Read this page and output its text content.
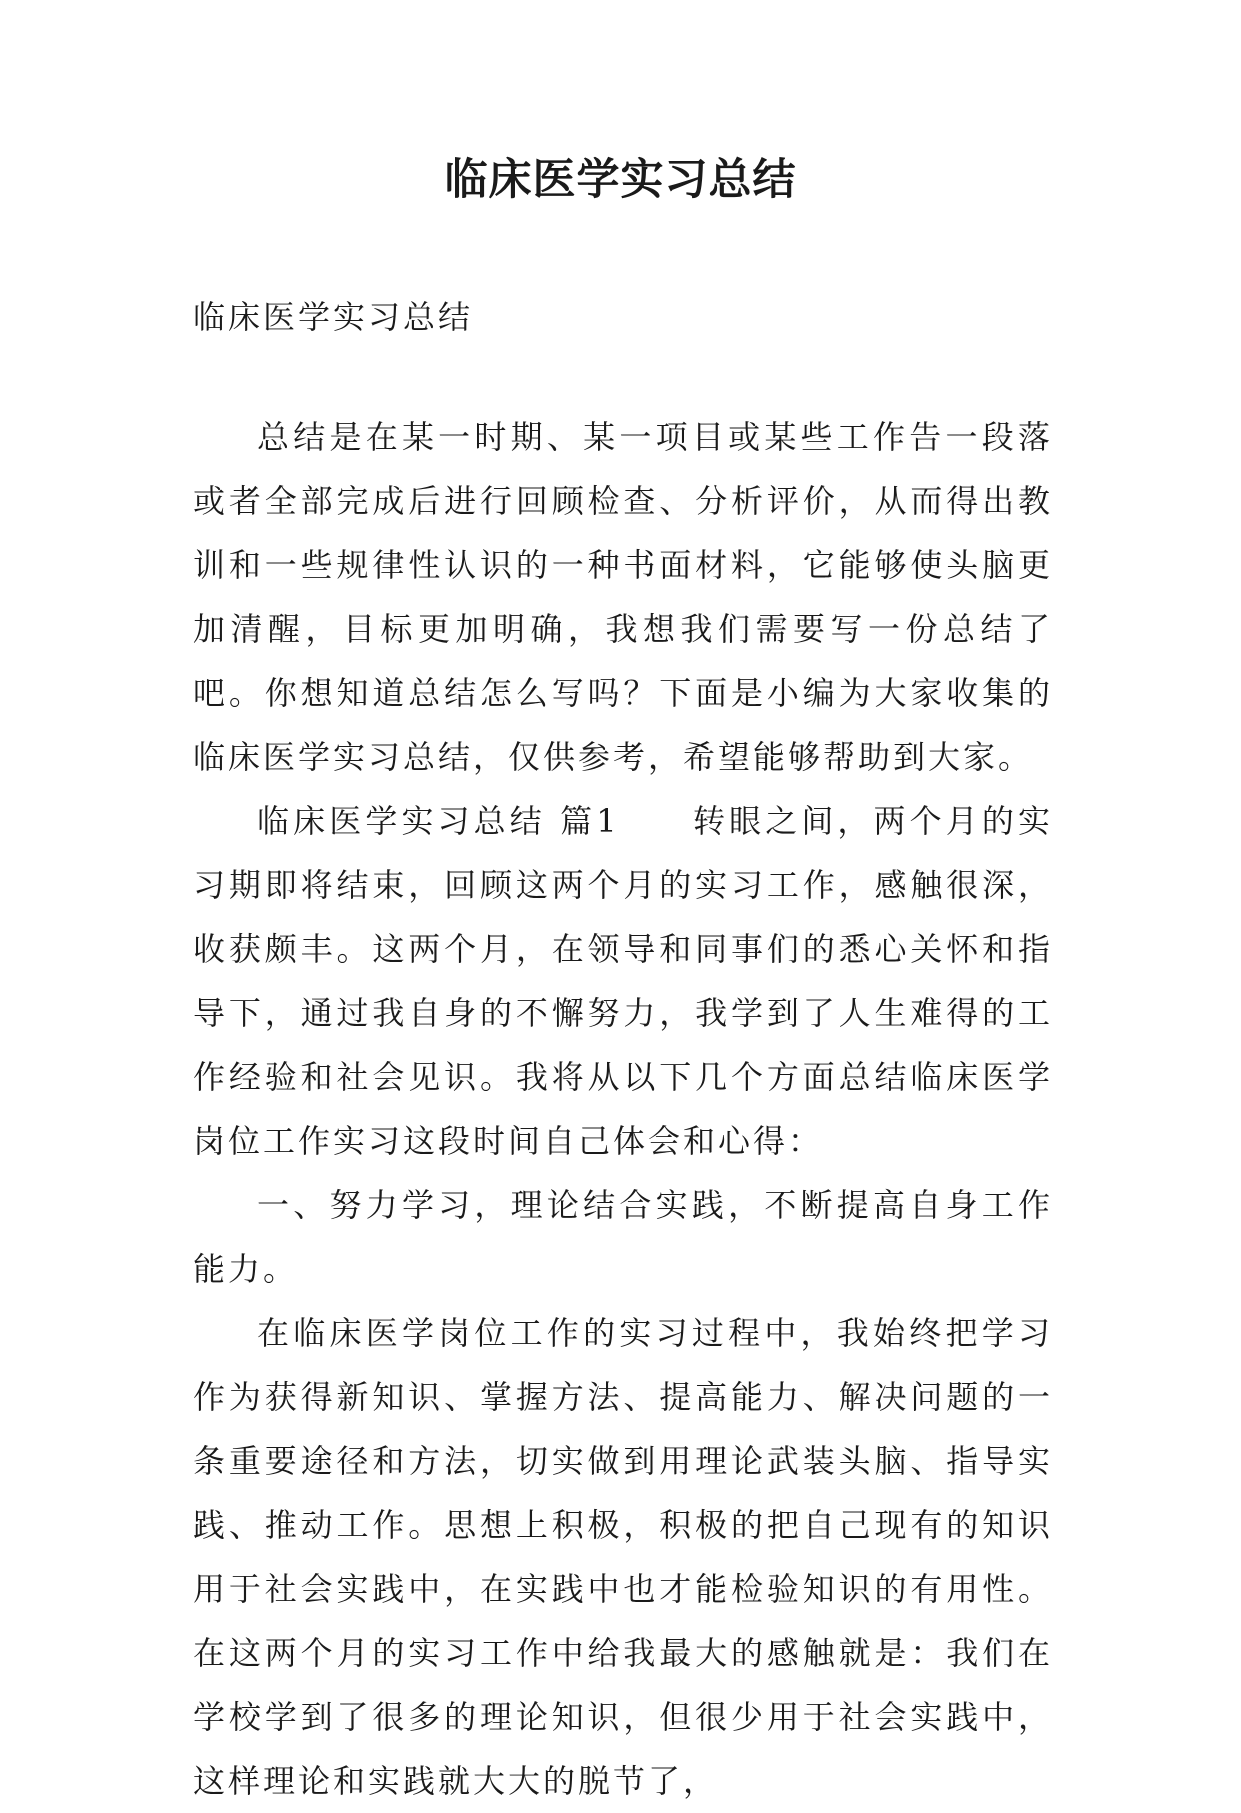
临床医学实习总结
临床医学实习总结

总结是在某一时期、某一项目或某些工作告一段落或者全部完成后进行回顾检查、分析评价，从而得出教训和一些规律性认识的一种书面材料，它能够使头脑更加清醒，目标更加明确，我想我们需要写一份总结了吧。你想知道总结怎么写吗？下面是小编为大家收集的临床医学实习总结，仅供参考，希望能够帮助到大家。

临床医学实习总结 篇1　　转眼之间，两个月的实习期即将结束，回顾这两个月的实习工作，感触很深，收获颇丰。这两个月，在领导和同事们的悉心关怀和指导下，通过我自身的不懈努力，我学到了人生难得的工作经验和社会见识。我将从以下几个方面总结临床医学岗位工作实习这段时间自己体会和心得：

一、努力学习，理论结合实践，不断提高自身工作能力。

在临床医学岗位工作的实习过程中，我始终把学习作为获得新知识、掌握方法、提高能力、解决问题的一条重要途径和方法，切实做到用理论武装头脑、指导实践、推动工作。思想上积极，积极的把自己现有的知识用于社会实践中，在实践中也才能检验知识的有用性。在这两个月的实习工作中给我最大的感触就是：我们在学校学到了很多的理论知识，但很少用于社会实践中，这样理论和实践就大大的脱节了，
